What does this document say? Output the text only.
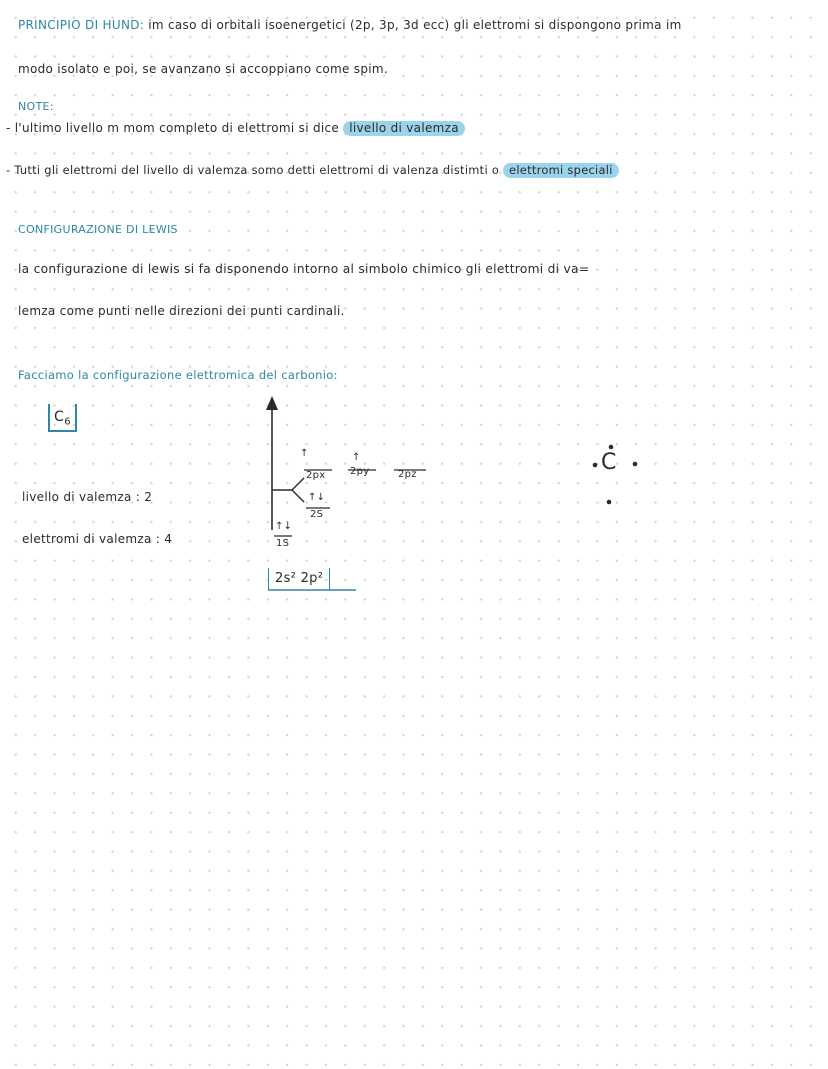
PRINCIPIO DI HUND: im caso di orbitali isoenergetici (2p, 3p, 3d ecc) gli elettromi si dispongono prima im
modo isolato e poi, se avanzano si accoppiano come spim.
NOTE:
- l'ultimo livello m mom completo di elettromi si dice livello di valemza
- Tutti gli elettromi del livello di valemza somo detti elettromi di valenza distimti o elettromi speciali
CONFIGURAZIONE DI LEWIS
la configurazione di lewis si fa disponendo intorno al simbolo chimico gli elettromi di va=
lemza come punti nelle direzioni dei punti cardinali.
Facciamo la configurazione elettromica del carbonio:
$C_6$
livello di valemza : 2
elettromi di valemza : 4
↑
2px
↑
2py	2pz
↑↓
2S
↑↓
1S
2s² 2p²
C
